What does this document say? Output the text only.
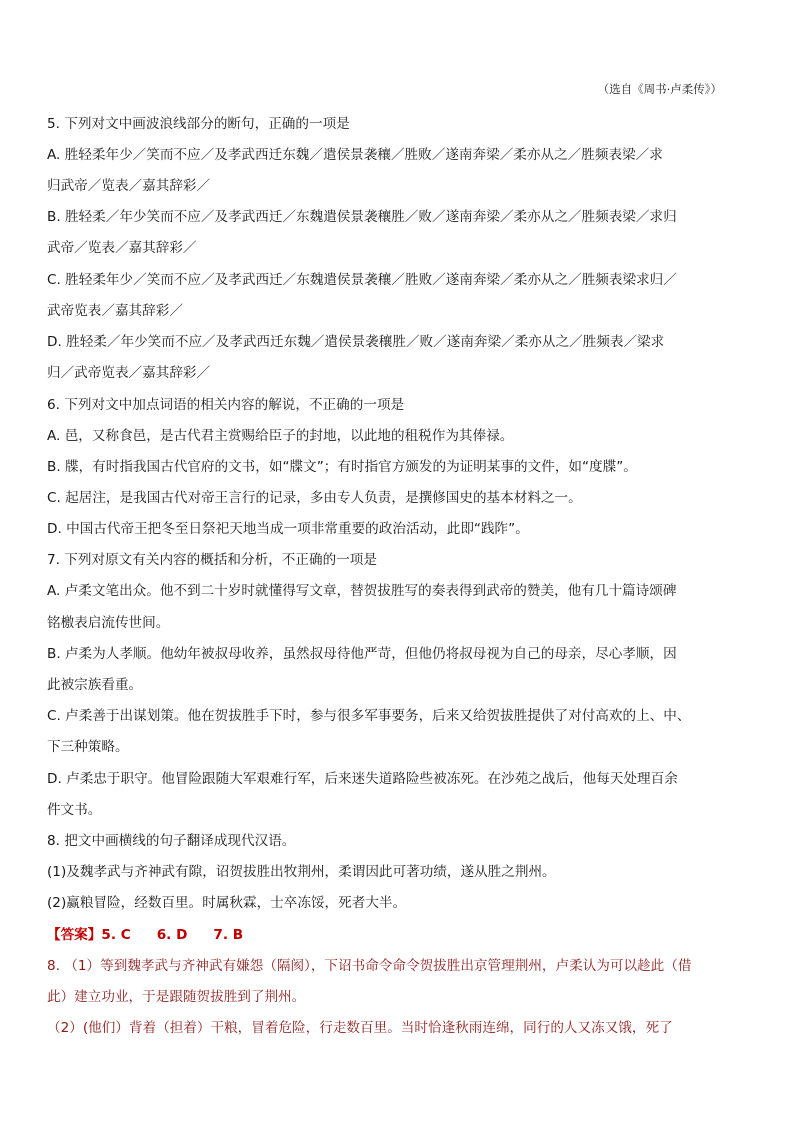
（选自《周书·卢柔传》）
5. 下列对文中画波浪线部分的断句，正确的一项是
A. 胜轻柔年少／笑而不应／及孝武西迁东魏／遣侯景袭穰／胜败／遂南奔梁／柔亦从之／胜频表梁／求
归武帝／览表／嘉其辞彩／
B. 胜轻柔／年少笑而不应／及孝武西迁／东魏遣侯景袭穰胜／败／遂南奔梁／柔亦从之／胜频表梁／求归
武帝／览表／嘉其辞彩／
C. 胜轻柔年少／笑而不应／及孝武西迁／东魏遣侯景袭穰／胜败／遂南奔梁／柔亦从之／胜频表梁求归／
武帝览表／嘉其辞彩／
D. 胜轻柔／年少笑而不应／及孝武西迁东魏／遣侯景袭穰胜／败／遂南奔梁／柔亦从之／胜频表／梁求
归／武帝览表／嘉其辞彩／
6. 下列对文中加点词语的相关内容的解说，不正确的一项是
A. 邑，又称食邑，是古代君主赏赐给臣子的封地，以此地的租税作为其俸禄。
B. 牒，有时指我国古代官府的文书，如“牒文”；有时指官方颁发的为证明某事的文件，如“度牒”。
C. 起居注，是我国古代对帝王言行的记录，多由专人负责，是撰修国史的基本材料之一。
D. 中国古代帝王把冬至日祭祀天地当成一项非常重要的政治活动，此即“践阼”。
7. 下列对原文有关内容的概括和分析，不正确的一项是
A. 卢柔文笔出众。他不到二十岁时就懂得写文章，替贺拔胜写的奏表得到武帝的赞美，他有几十篇诗颂碑
铭檄表启流传世间。
B. 卢柔为人孝顺。他幼年被叔母收养，虽然叔母待他严苛，但他仍将叔母视为自己的母亲，尽心孝顺，因
此被宗族看重。
C. 卢柔善于出谋划策。他在贺拔胜手下时，参与很多军事要务，后来又给贺拔胜提供了对付高欢的上、中、
下三种策略。
D. 卢柔忠于职守。他冒险跟随大军艰难行军，后来迷失道路险些被冻死。在沙苑之战后，他每天处理百余
件文书。
8. 把文中画横线的句子翻译成现代汉语。
(1)及魏孝武与齐神武有隙，诏贺拔胜出牧荆州，柔谓因此可著功绩，遂从胜之荆州。
(2)赢粮冒险，经数百里。时属秋霖，士卒冻馁，死者大半。
【答案】5. C 6. D 7. B
8. （1）等到魏孝武与齐神武有嫌怨（隔阂），下诏书命令命令贺拔胜出京管理荆州，卢柔认为可以趁此（借
此）建立功业，于是跟随贺拔胜到了荆州。
（2）(他们）背着（担着）干粮，冒着危险，行走数百里。当时恰逢秋雨连绵，同行的人又冻又饿，死了
